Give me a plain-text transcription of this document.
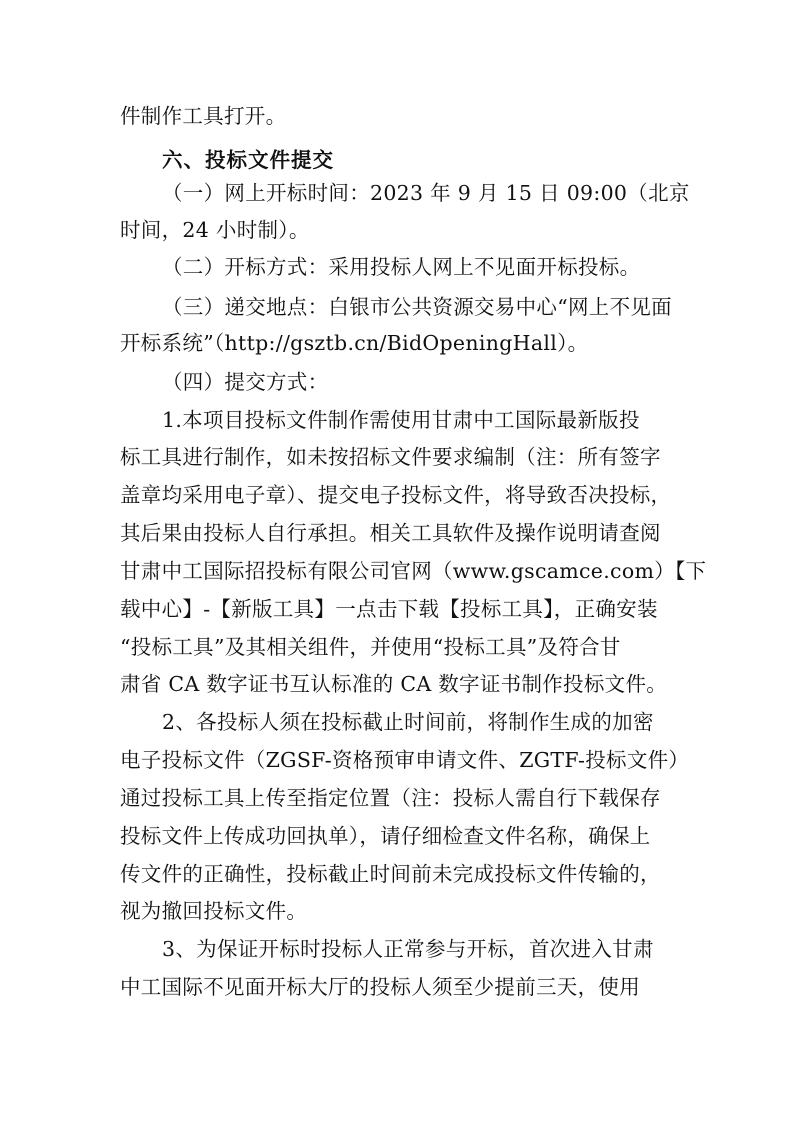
件制作工具打开。
六、投标文件提交
（一）网上开标时间：2023 年 9 月 15 日 09:00（北京
时间，24 小时制）。
（二）开标方式：采用投标人网上不见面开标投标。
（三）递交地点：白银市公共资源交易中心“网上不见面
开标系统”（http://gsztb.cn/BidOpeningHall）。
（四）提交方式：
1.本项目投标文件制作需使用甘肃中工国际最新版投
标工具进行制作，如未按招标文件要求编制（注：所有签字
盖章均采用电子章）、提交电子投标文件，将导致否决投标，
其后果由投标人自行承担。相关工具软件及操作说明请查阅
甘肃中工国际招投标有限公司官网（www.gscamce.com）【下
载中心】-【新版工具】一点击下载【投标工具】，正确安装
“投标工具”及其相关组件，并使用“投标工具”及符合甘
肃省 CA 数字证书互认标准的 CA 数字证书制作投标文件。
2、各投标人须在投标截止时间前，将制作生成的加密
电子投标文件（ZGSF-资格预审申请文件、ZGTF-投标文件）
通过投标工具上传至指定位置（注：投标人需自行下载保存
投标文件上传成功回执单），请仔细检查文件名称，确保上
传文件的正确性，投标截止时间前未完成投标文件传输的，
视为撤回投标文件。
3、为保证开标时投标人正常参与开标，首次进入甘肃
中工国际不见面开标大厅的投标人须至少提前三天，使用
